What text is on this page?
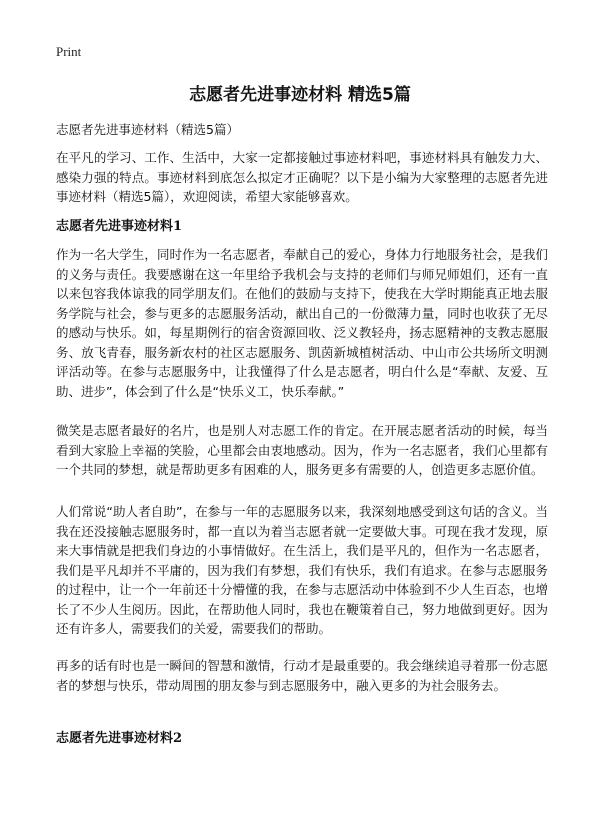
Print
志愿者先进事迹材料 精选5篇
志愿者先进事迹材料（精选5篇）

在平凡的学习、工作、生活中，大家一定都接触过事迹材料吧，事迹材料具有触发力大、感染力强的特点。事迹材料到底怎么拟定才正确呢？以下是小编为大家整理的志愿者先进事迹材料（精选5篇），欢迎阅读，希望大家能够喜欢。

志愿者先进事迹材料1

作为一名大学生，同时作为一名志愿者，奉献自己的爱心，身体力行地服务社会，是我们的义务与责任。我要感谢在这一年里给予我机会与支持的老师们与师兄师姐们，还有一直以来包容我体谅我的同学朋友们。在他们的鼓励与支持下，使我在大学时期能真正地去服务学院与社会，参与更多的志愿服务活动，献出自己的一份微薄力量，同时也收获了无尽的感动与快乐。如，每星期例行的宿舍资源回收、泛义教轻舟，扬志愿精神的支教志愿服务、放飞青春，服务新农村的社区志愿服务、凯茵新城植树活动、中山市公共场所文明测评活动等。在参与志愿服务中，让我懂得了什么是志愿者，明白什么是“奉献、友爱、互助、进步”，体会到了什么是“快乐义工，快乐奉献。”

微笑是志愿者最好的名片，也是别人对志愿工作的肯定。在开展志愿者活动的时候，每当看到大家脸上幸福的笑脸，心里都会由衷地感动。因为，作为一名志愿者，我们心里都有一个共同的梦想，就是帮助更多有困难的人，服务更多有需要的人，创造更多志愿价值。

人们常说“助人者自助”，在参与一年的志愿服务以来，我深刻地感受到这句话的含义。当我在还没接触志愿服务时，都一直以为着当志愿者就一定要做大事。可现在我才发现，原来大事情就是把我们身边的小事情做好。在生活上，我们是平凡的，但作为一名志愿者，我们是平凡却并不平庸的，因为我们有梦想，我们有快乐，我们有追求。在参与志愿服务的过程中，让一个一年前还十分懵懂的我，在参与志愿活动中体验到不少人生百态，也增长了不少人生阅历。因此，在帮助他人同时，我也在鞭策着自己，努力地做到更好。因为还有许多人，需要我们的关爱，需要我们的帮助。

再多的话有时也是一瞬间的智慧和激情，行动才是最重要的。我会继续追寻着那一份志愿者的梦想与快乐，带动周围的朋友参与到志愿服务中，融入更多的为社会服务去。

志愿者先进事迹材料2
